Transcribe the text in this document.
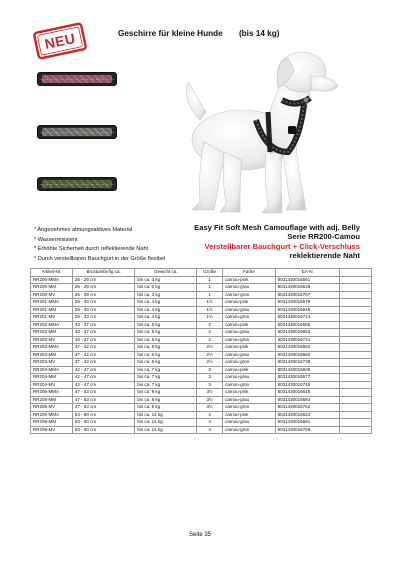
NEU	Geschirre für kleine Hunde (bis 14 kg)
* Angenehmes atmungsaktives Material
* Wasserresistent
* Erhöhte Sicherheit durch reflektierende Naht
* Durch verstellbaren Bauchgurt in der Größe flexibel
Easy Fit Soft Mesh Camouflage with adj. Belly
Serie RR200-Camou
Verstellbarer Bauchgurt + Click-Verschluss
reklektierende Naht
Artikel-Nr.	Brustumfa-ñg ca.	Gewicht ca.	Größe	Farbe	EA-N	
RR200-MMA	25 - 29 cm	bis ca. 3 kg	1	camou-pink	8031430016561	
RR200-MM	25 - 29 cm	bis ca. 3 kg	1	camou-grau	8031430016639	
RR200-MV	25 - 29 cm	bis ca. 3 kg	1	camou-grün	8031430016707	
RR201-MMA	29 - 33 cm	bis ca. 4 kg	1½	camou-pink	8031430016578	
RR201-MM	29 - 33 cm	bis ca. 4 kg	1½	camou-grau	8031430016646	
RR201-MV	29 - 33 cm	bis ca. 4 kg	1½	camou-grün	8031430016714	
RR202-MMA	33 - 37 cm	bis ca. 5 kg	2	camou-pink	8031430016585	
RR202-MM	33 - 37 cm	bis ca. 5 kg	2	camou-grau	8031430016653	
RR202-MV	33 - 37 cm	bis ca. 5 kg	2	camou-grün	8031430016721	
RR203-MMA	37 - 42 cm	bis ca. 6 kg	2½	camou-pink	8031430016592	
RR203-MM	37 - 42 cm	bis ca. 6 kg	2½	camou-grau	8031430016660	
RR203-MV	37 - 42 cm	bis ca. 6 kg	2½	camou-grün	8031430016738	
RR204-MMA	42 - 47 cm	bis ca. 7 kg	3	camou-pink	8031430016608	
RR204-MM	42 - 47 cm	bis ca. 7 kg	3	camou-grau	8031430016677	
RR204-MV	42 - 47 cm	bis ca. 7 kg	3	camou-grün	8031430016745	
RR205-MMA	47 - 53 cm	bis ca. 9 kg	3½	camou-pink	8031430016615	
RR205-MM	47 - 53 cm	bis ca. 9 kg	3½	camou-grau	8031430016684	
RR205-MV	47 - 53 cm	bis ca. 9 kg	3½	camou-grün	8031430016752	
RR206-MMA	53 - 60 cm	bis ca. 14 kg	4	camou-pink	8031430016622	
RR206-MM	53 - 60 cm	bis ca. 14 kg	4	camou-grau	8031430016691	
RR206-MV	53 - 60 cm	bis ca. 14 kg	4	camou-grün	8031430016769	
Seite 35
